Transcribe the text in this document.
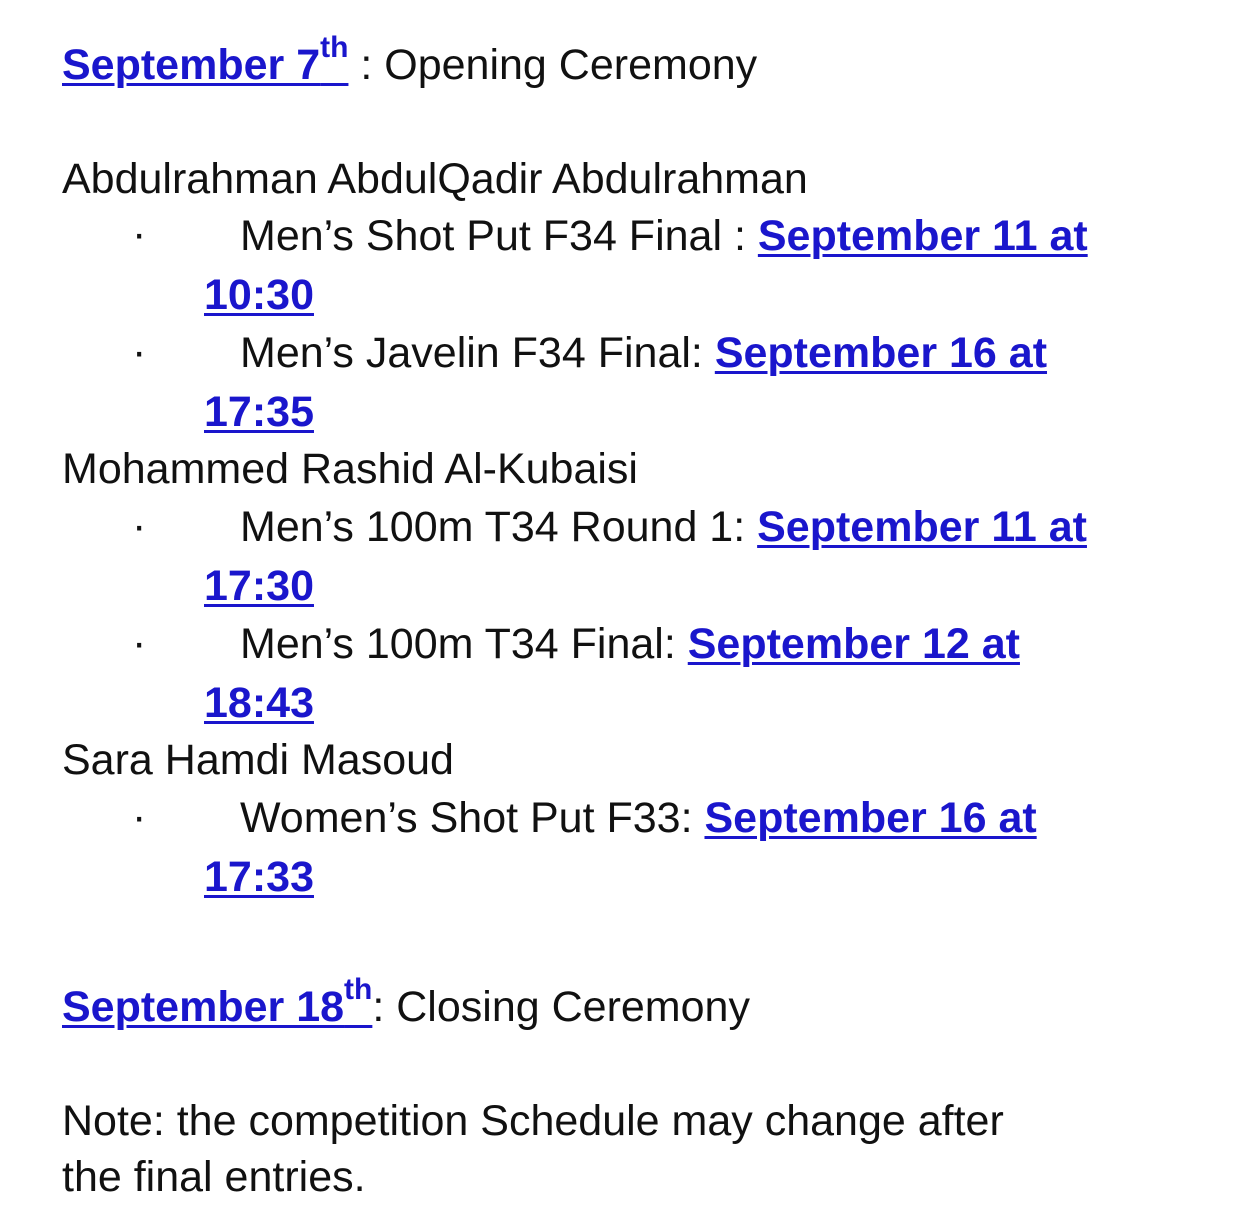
September 7th : Opening Ceremony
Abdulrahman AbdulQadir Abdulrahman
· Men’s Shot Put F34 Final : September 11 at
10:30
· Men’s Javelin F34 Final: September 16 at
17:35
Mohammed Rashid Al-Kubaisi
· Men’s 100m T34 Round 1: September 11 at
17:30
· Men’s 100m T34 Final: September 12 at
18:43
Sara Hamdi Masoud
· Women’s Shot Put F33: September 16 at
17:33
September 18th: Closing Ceremony
Note: the competition Schedule may change after
the final entries.
